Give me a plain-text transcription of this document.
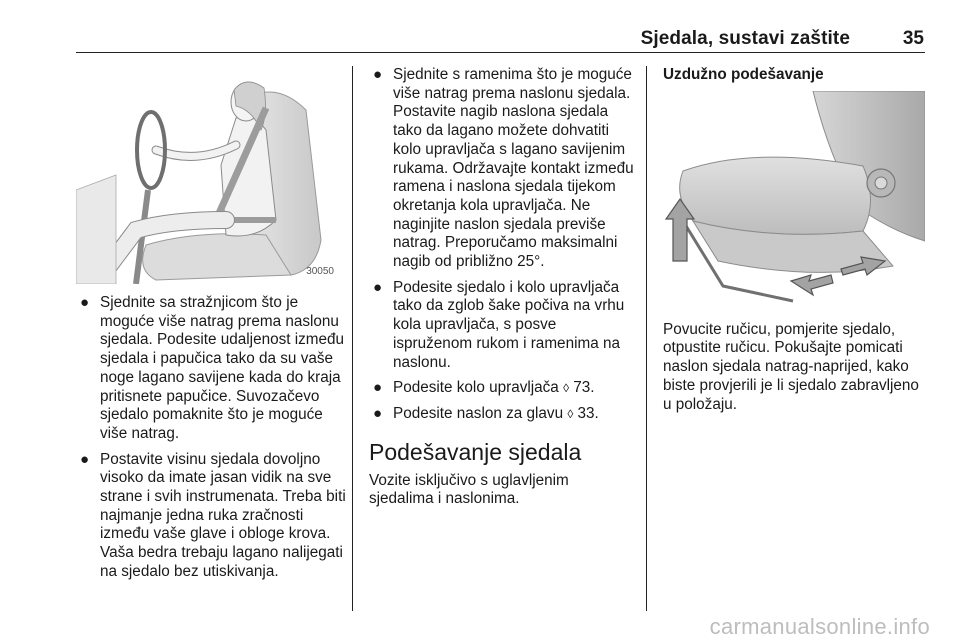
Sjedala, sustavi zaštite	35
30050
● Sjednite sa stražnjicom što je moguće više natrag prema naslonu sjedala. Podesite udaljenost između sjedala i papučica tako da su vaše noge lagano savijene kada do kraja pritisnete papučice. Suvozačevo sjedalo pomaknite što je moguće više natrag.
● Postavite visinu sjedala dovoljno visoko da imate jasan vidik na sve strane i svih instrumenata. Treba biti najmanje jedna ruka zračnosti između vaše glave i obloge krova. Vaša bedra trebaju lagano nalijegati na sjedalo bez utiskivanja.
● Sjednite s ramenima što je moguće više natrag prema naslonu sjedala. Postavite nagib naslona sjedala tako da lagano možete dohvatiti kolo upravljača s lagano savijenim rukama. Održavajte kontakt između ramena i naslona sjedala tijekom okretanja kola upravljača. Ne naginjite naslon sjedala previše natrag. Preporučamo maksimalni nagib od približno 25°.
● Podesite sjedalo i kolo upravljača tako da zglob šake počiva na vrhu kola upravljača, s posve ispruženom rukom i ramenima na naslonu.
● Podesite kolo upravljača ◊ 73.
● Podesite naslon za glavu ◊ 33.
Podešavanje sjedala

Vozite isključivo s uglavljenim sjedalima i naslonima.

Uzdužno podešavanje

Povucite ručicu, pomjerite sjedalo, otpustite ručicu. Pokušajte pomicati naslon sjedala natrag-naprijed, kako biste provjerili je li sjedalo zabravljeno u položaju.

carmanualsonline.info
